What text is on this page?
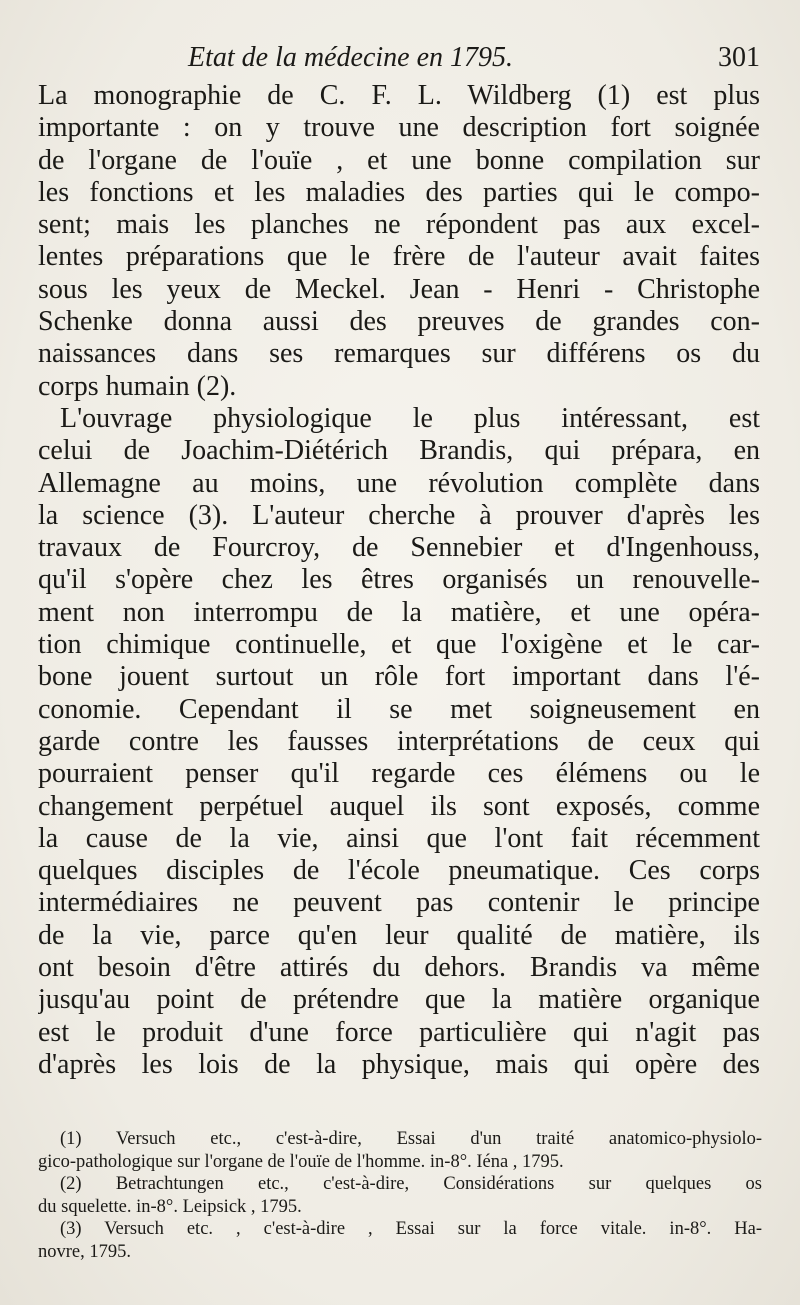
Etat de la médecine en 1795.	301
La monographie de C. F. L. Wildberg (1) est plus
importante : on y trouve une description fort soignée
de l'organe de l'ouïe , et une bonne compilation sur
les fonctions et les maladies des parties qui le compo-
sent; mais les planches ne répondent pas aux excel-
lentes préparations que le frère de l'auteur avait faites
sous les yeux de Meckel. Jean - Henri - Christophe
Schenke donna aussi des preuves de grandes con-
naissances dans ses remarques sur différens os du
corps humain (2).
L'ouvrage physiologique le plus intéressant, est
celui de Joachim-Diétérich Brandis, qui prépara, en
Allemagne au moins, une révolution complète dans
la science (3). L'auteur cherche à prouver d'après les
travaux de Fourcroy, de Sennebier et d'Ingenhouss,
qu'il s'opère chez les êtres organisés un renouvelle-
ment non interrompu de la matière, et une opéra-
tion chimique continuelle, et que l'oxigène et le car-
bone jouent surtout un rôle fort important dans l'é-
conomie. Cependant il se met soigneusement en
garde contre les fausses interprétations de ceux qui
pourraient penser qu'il regarde ces élémens ou le
changement perpétuel auquel ils sont exposés, comme
la cause de la vie, ainsi que l'ont fait récemment
quelques disciples de l'école pneumatique. Ces corps
intermédiaires ne peuvent pas contenir le principe
de la vie, parce qu'en leur qualité de matière, ils
ont besoin d'être attirés du dehors. Brandis va même
jusqu'au point de prétendre que la matière organique
est le produit d'une force particulière qui n'agit pas
d'après les lois de la physique, mais qui opère des
(1) Versuch etc., c'est-à-dire, Essai d'un traité anatomico-physiolo-
gico-pathologique sur l'organe de l'ouïe de l'homme. in-8°. Iéna , 1795.
(2) Betrachtungen etc., c'est-à-dire, Considérations sur quelques os
du squelette. in-8°. Leipsick , 1795.
(3) Versuch etc. , c'est-à-dire , Essai sur la force vitale. in-8°. Ha-
novre, 1795.
